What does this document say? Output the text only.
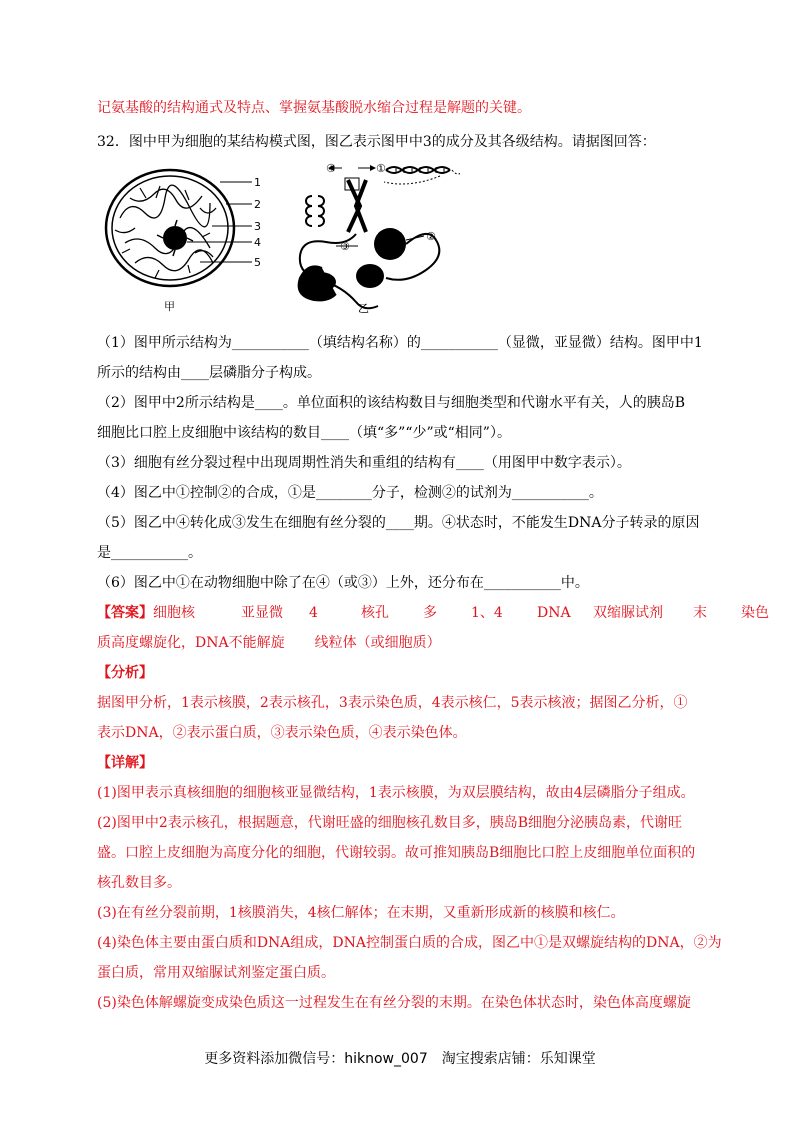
记氨基酸的结构通式及特点、掌握氨基酸脱水缩合过程是解题的关键。
32．图中甲为细胞的某结构模式图，图乙表示图甲中3的成分及其各级结构。请据图回答：
1
2
3
4
5
甲
④	①
③
②
乙
（1）图甲所示结构为___________（填结构名称）的___________（显微，亚显微）结构。图甲中1
所示的结构由____层磷脂分子构成。
（2）图甲中2所示结构是____。单位面积的该结构数目与细胞类型和代谢水平有关，人的胰岛B
细胞比口腔上皮细胞中该结构的数目____（填“多”“少”或“相同”）。
（3）细胞有丝分裂过程中出现周期性消失和重组的结构有____（用图甲中数字表示）。
（4）图乙中①控制②的合成，①是________分子，检测②的试剂为___________。
（5）图乙中④转化成③发生在细胞有丝分裂的____期。④状态时，不能发生DNA分子转录的原因
是___________。
（6）图乙中①在动物细胞中除了在④（或③）上外，还分布在___________中。
【答案】细胞核	亚显微 4	核孔 多 1、4 DNA 双缩脲试剂 末 染色
质高度螺旋化，DNA不能解旋 线粒体（或细胞质）
【分析】
据图甲分析，1表示核膜，2表示核孔，3表示染色质，4表示核仁，5表示核液；据图乙分析，①
表示DNA，②表示蛋白质，③表示染色质，④表示染色体。
【详解】
(1)图甲表示真核细胞的细胞核亚显微结构，1表示核膜，为双层膜结构，故由4层磷脂分子组成。
(2)图甲中2表示核孔，根据题意，代谢旺盛的细胞核孔数目多，胰岛B细胞分泌胰岛素，代谢旺
盛。口腔上皮细胞为高度分化的细胞，代谢较弱。故可推知胰岛B细胞比口腔上皮细胞单位面积的
核孔数目多。
(3)在有丝分裂前期，1核膜消失，4核仁解体；在末期，又重新形成新的核膜和核仁。
(4)染色体主要由蛋白质和DNA组成，DNA控制蛋白质的合成，图乙中①是双螺旋结构的DNA，②为
蛋白质，常用双缩脲试剂鉴定蛋白质。
(5)染色体解螺旋变成染色质这一过程发生在有丝分裂的末期。在染色体状态时，染色体高度螺旋
更多资料添加微信号：hiknow_007　淘宝搜索店铺：乐知课堂
